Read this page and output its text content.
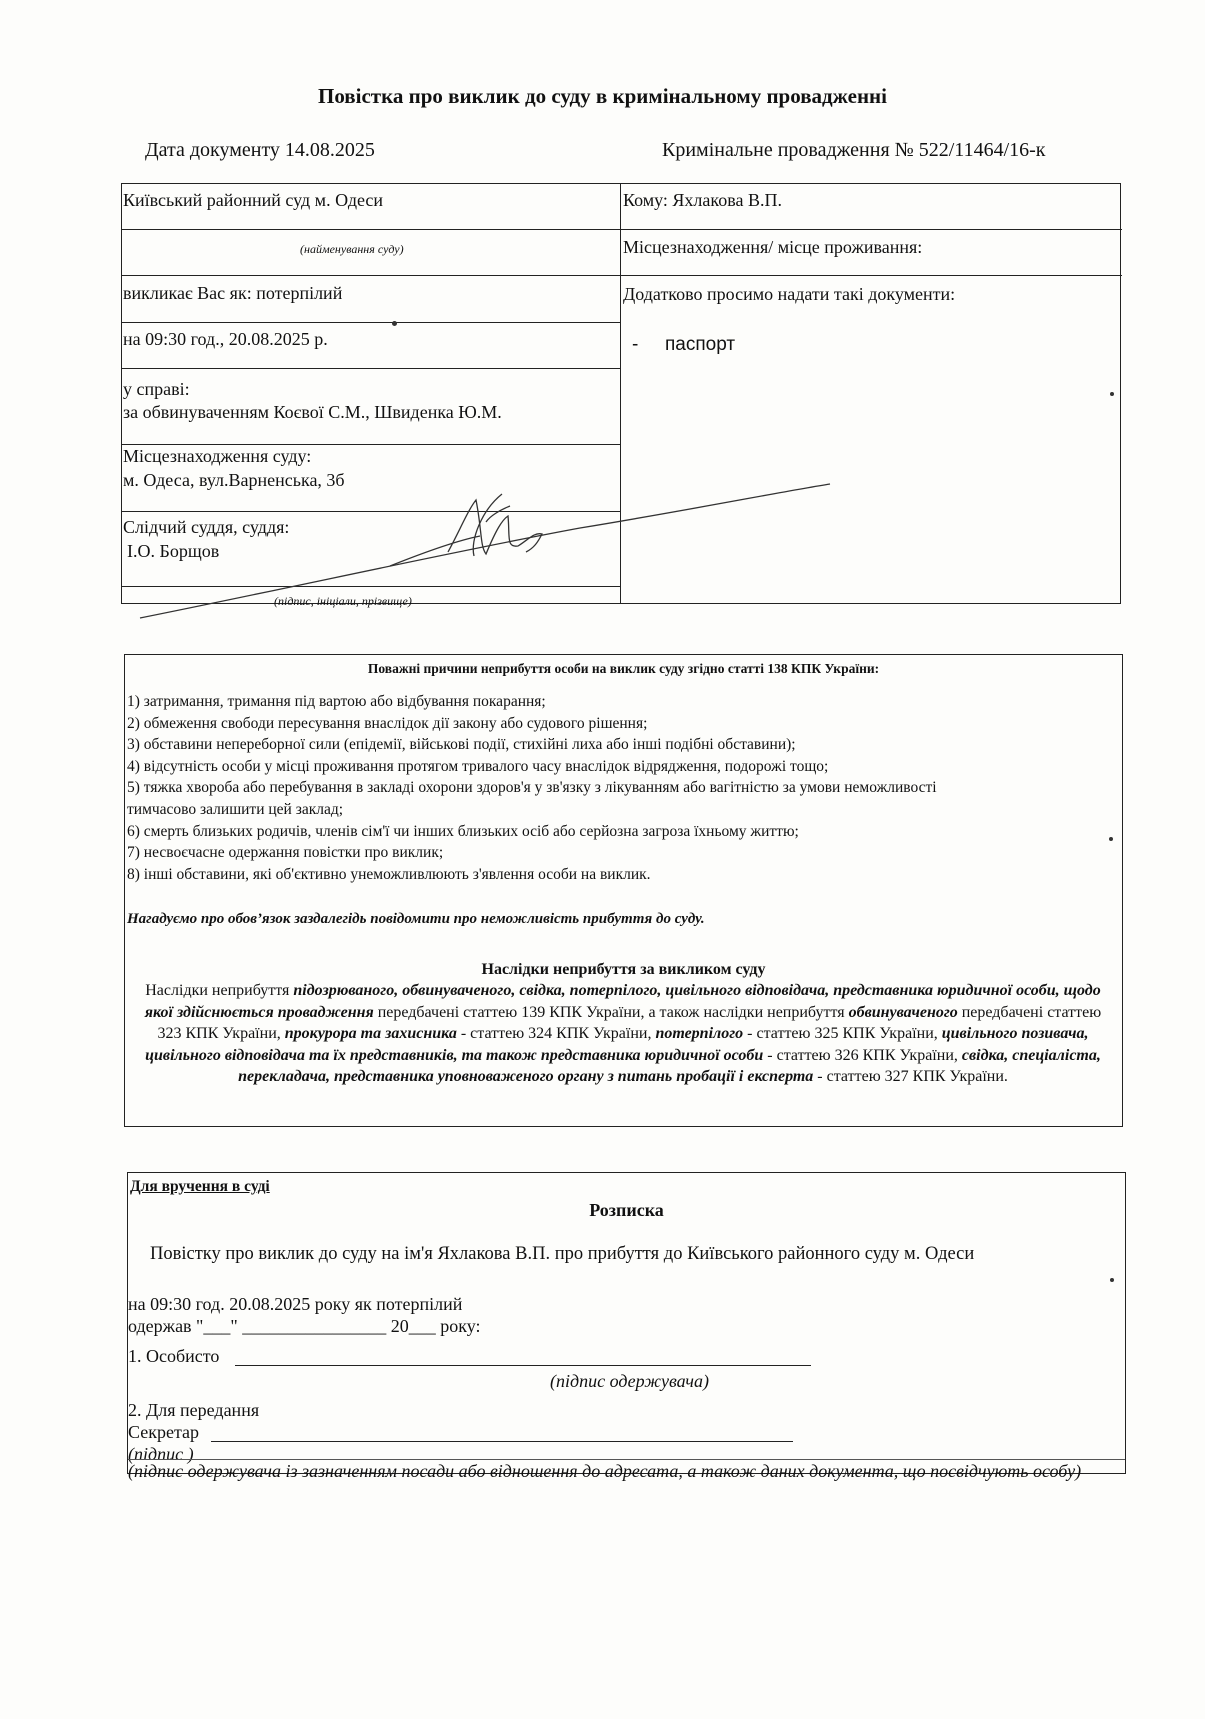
Повістка про виклик до суду в кримінальному провадженні
Дата документу 14.08.2025	Кримінальне провадження № 522/11464/16-к
Київський районний суд м. Одеси
(найменування суду)
викликає Вас як: потерпілий
на 09:30 год., 20.08.2025 р.
у справі:
за обвинуваченням Коєвої С.М., Швиденка Ю.М.
Місцезнаходження суду:
м. Одеса, вул.Варненська, 3б
Слідчий суддя, суддя:
І.О. Борщов
(підпис, ініціали, прізвище)
Кому: Яхлакова В.П.
Місцезнаходження/ місце проживання:
Додатково просимо надати такі документи:
- паспорт
Поважні причини неприбуття особи на виклик суду згідно статті 138 КПК України:
1) затримання, тримання під вартою або відбування покарання;
2) обмеження свободи пересування внаслідок дії закону або судового рішення;
3) обставини непереборної сили (епідемії, військові події, стихійні лиха або інші подібні обставини);
4) відсутність особи у місці проживання протягом тривалого часу внаслідок відрядження, подорожі тощо;
5) тяжка хвороба або перебування в закладі охорони здоров'я у зв'язку з лікуванням або вагітністю за умови неможливості
тимчасово залишити цей заклад;
6) смерть близьких родичів, членів сім'ї чи інших близьких осіб або серйозна загроза їхньому життю;
7) несвоєчасне одержання повістки про виклик;
8) інші обставини, які об'єктивно унеможливлюють з'явлення особи на виклик.
Нагадуємо про обов’язок заздалегідь повідомити про неможливість прибуття до суду.
Наслідки неприбуття за викликом суду
Наслідки неприбуття підозрюваного, обвинуваченого, свідка, потерпілого, цивільного відповідача, представника юридичної особи, щодо якої здійснюється провадження передбачені статтею 139 КПК України, а також наслідки неприбуття обвинуваченого передбачені статтею 323 КПК України, прокурора та захисника - статтею 324 КПК України, потерпілого - статтею 325 КПК України, цивільного позивача, цивільного відповідача та їх представників, та також представника юридичної особи - статтею 326 КПК України, свідка, спеціаліста, перекладача, представника уповноваженого органу з питань пробації і експерта - статтею 327 КПК України.
Для вручення в суді
Розписка
Повістку про виклик до суду на ім'я Яхлакова В.П. про прибуття до Київського районного суду м. Одеси
на 09:30 год. 20.08.2025 року як потерпілий
одержав "___" ________________ 20___ року:
1. Особисто
(підпис одержувача)
2. Для передання
Секретар
(підпис )
(підпис одержувача із зазначенням посади або відношення до адресата, а також даних документа, що посвідчують особу)
